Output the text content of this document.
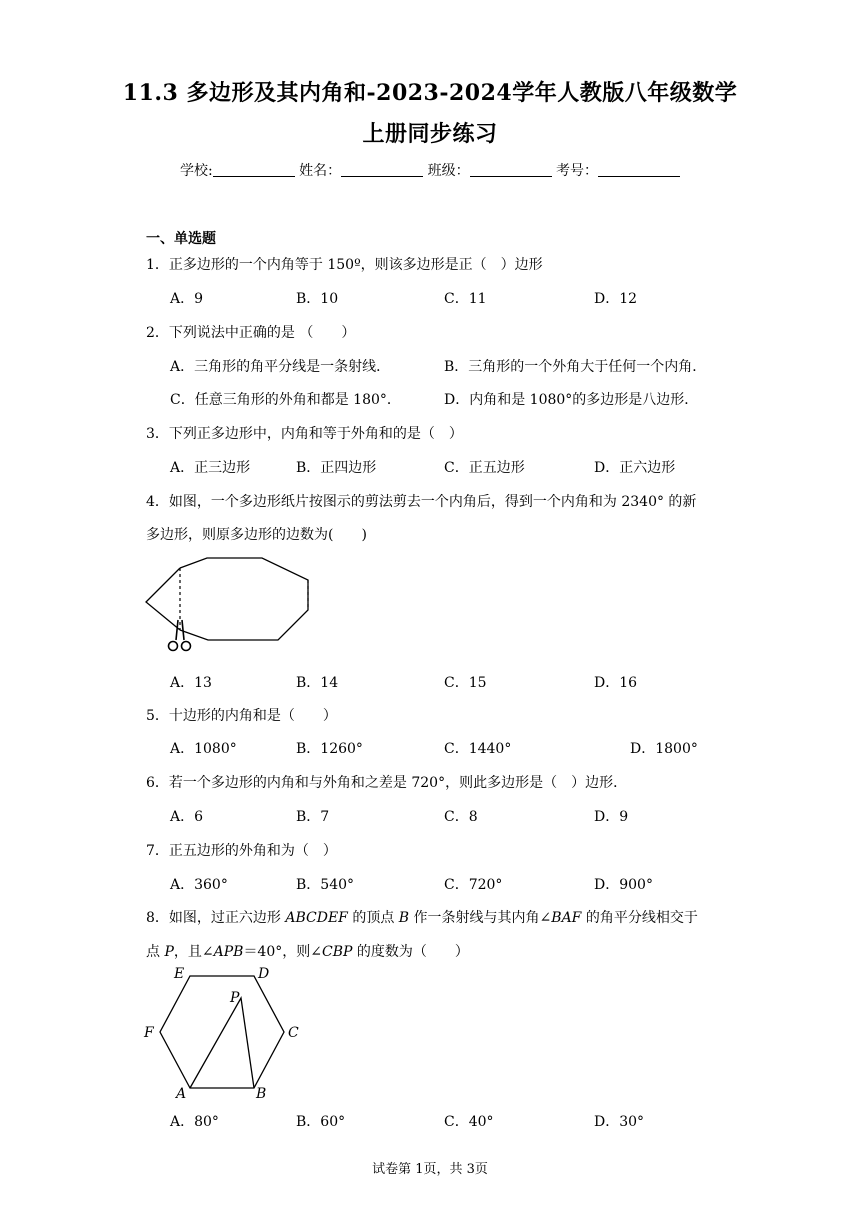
11.3 多边形及其内角和-2023-2024学年人教版八年级数学
上册同步练习
学校:	姓名：	班级：	考号：
一、单选题
1．正多边形的一个内角等于 150º，则该多边形是正（　）边形
A．9	B．10	C．11	D．12
2．下列说法中正确的是 （　　）
A．三角形的角平分线是一条射线．	B．三角形的一个外角大于任何一个内角．
C．任意三角形的外角和都是 180°．	D．内角和是 1080°的多边形是八边形．
3．下列正多边形中，内角和等于外角和的是（　）
A．正三边形	B．正四边形	C．正五边形	D．正六边形
4．如图，一个多边形纸片按图示的剪法剪去一个内角后，得到一个内角和为 2340° 的新
多边形，则原多边形的边数为(　　)
A．13	B．14	C．15	D．16
5．十边形的内角和是（　　）
A．1080°	B．1260°	C．1440°	D．1800°
6．若一个多边形的内角和与外角和之差是 720°，则此多边形是（　）边形．
A．6	B．7	C．8	D．9
7．正五边形的外角和为（　）
A．360°	B．540°	C．720°	D．900°
8．如图，过正六边形 ABCDEF 的顶点 B 作一条射线与其内角∠BAF 的角平分线相交于
点 P，且∠APB＝40°，则∠CBP 的度数为（　　）
E	D
P
F	C
A	B
A．80°	B．60°	C．40°	D．30°
试卷第 1页，共 3页
